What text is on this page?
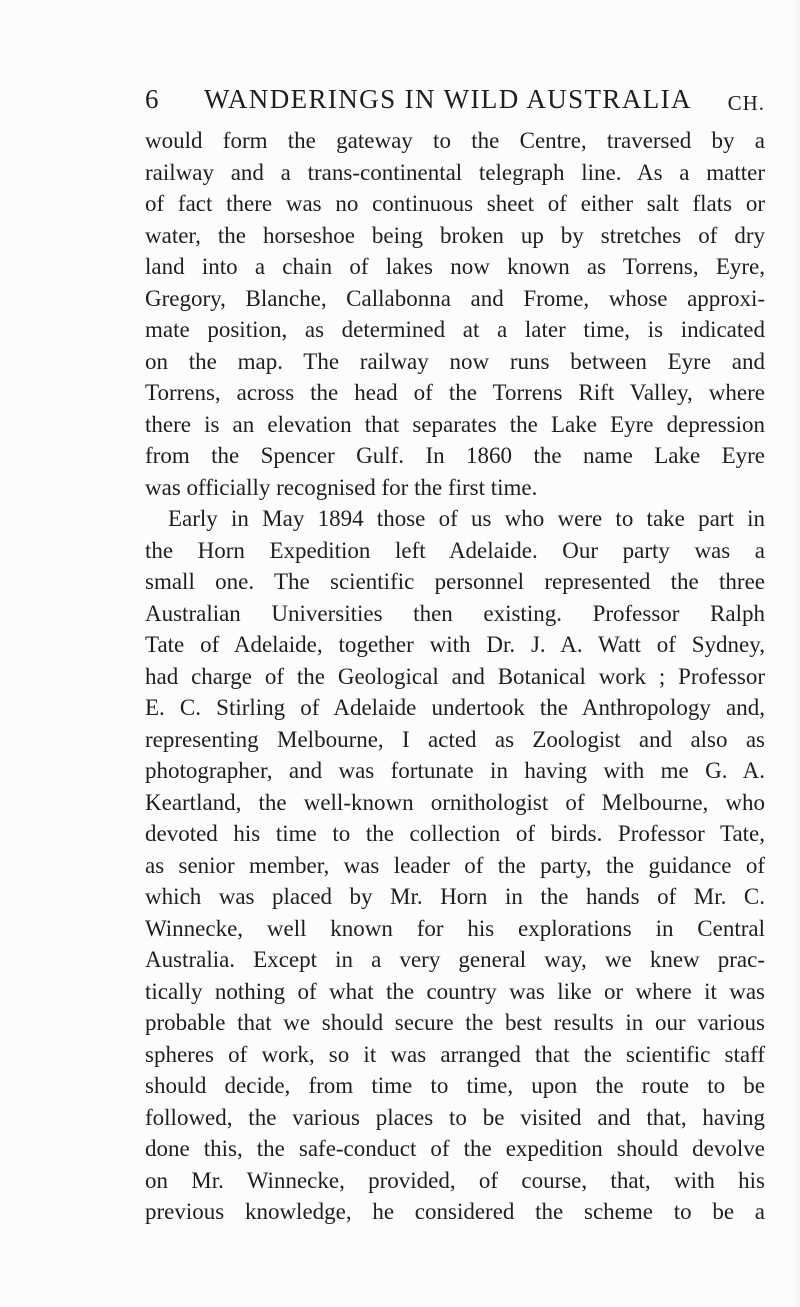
6 WANDERINGS IN WILD AUSTRALIA CH.
would form the gateway to the Centre, traversed by a
railway and a trans-continental telegraph line. As a matter
of fact there was no continuous sheet of either salt flats or
water, the horseshoe being broken up by stretches of dry
land into a chain of lakes now known as Torrens, Eyre,
Gregory, Blanche, Callabonna and Frome, whose approxi-
mate position, as determined at a later time, is indicated
on the map. The railway now runs between Eyre and
Torrens, across the head of the Torrens Rift Valley, where
there is an elevation that separates the Lake Eyre depression
from the Spencer Gulf. In 1860 the name Lake Eyre
was officially recognised for the first time.
Early in May 1894 those of us who were to take part in
the Horn Expedition left Adelaide. Our party was a
small one. The scientific personnel represented the three
Australian Universities then existing. Professor Ralph
Tate of Adelaide, together with Dr. J. A. Watt of Sydney,
had charge of the Geological and Botanical work ; Professor
E. C. Stirling of Adelaide undertook the Anthropology and,
representing Melbourne, I acted as Zoologist and also as
photographer, and was fortunate in having with me G. A.
Keartland, the well-known ornithologist of Melbourne, who
devoted his time to the collection of birds. Professor Tate,
as senior member, was leader of the party, the guidance of
which was placed by Mr. Horn in the hands of Mr. C.
Winnecke, well known for his explorations in Central
Australia. Except in a very general way, we knew prac-
tically nothing of what the country was like or where it was
probable that we should secure the best results in our various
spheres of work, so it was arranged that the scientific staff
should decide, from time to time, upon the route to be
followed, the various places to be visited and that, having
done this, the safe-conduct of the expedition should devolve
on Mr. Winnecke, provided, of course, that, with his
previous knowledge, he considered the scheme to be a
